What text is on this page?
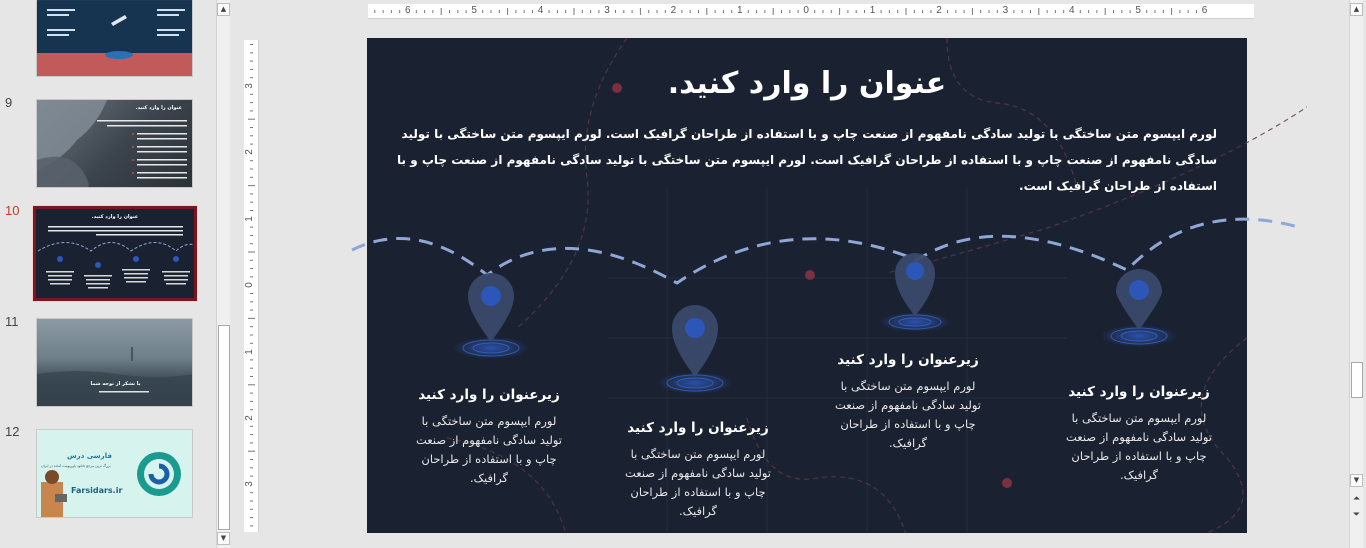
9	عنوان را وارد کنید.
10	عنوان را وارد کنید.
11
با تشکر از توجه شما
12
فارسی درس
بزرگ ترین مرجع دانلود پاورپوینت آماده در ایران
Farsidars.ir
▲
▼
6	5	4	3	2	1	0	1	2	3	4	5	6
3
2
1
0
1
2
3
عنوان را وارد کنید.
لورم ایپسوم متن ساختگی با تولید سادگی نامفهوم از صنعت چاپ و با استفاده از طراحان گرافیک است. لورم ایپسوم متن ساختگی با تولید سادگی نامفهوم از صنعت چاپ و با استفاده از طراحان گرافیک است. لورم ایپسوم متن ساختگی با تولید سادگی نامفهوم از صنعت چاپ و با استفاده از طراحان گرافیک است.
زیرعنوان را وارد کنید
لورم ایپسوم متن ساختگی با تولید سادگی نامفهوم از صنعت چاپ و با استفاده از طراحان گرافیک.
زیرعنوان را وارد کنید
لورم ایپسوم متن ساختگی با تولید سادگی نامفهوم از صنعت چاپ و با استفاده از طراحان گرافیک.
زیرعنوان را وارد کنید
لورم ایپسوم متن ساختگی با تولید سادگی نامفهوم از صنعت چاپ و با استفاده از طراحان گرافیک.
زیرعنوان را وارد کنید
لورم ایپسوم متن ساختگی با تولید سادگی نامفهوم از صنعت چاپ و با استفاده از طراحان گرافیک.
▲
▼
⏶
⏷
